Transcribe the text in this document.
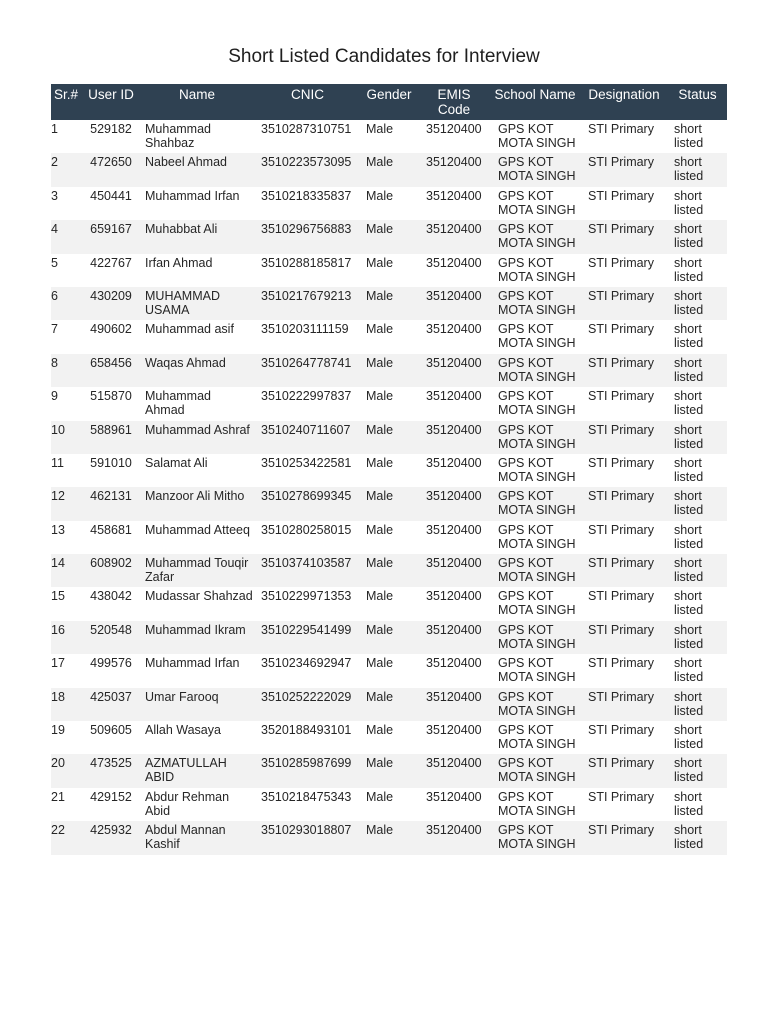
Short Listed Candidates for Interview
Sr.#	User ID	Name	CNIC	Gender	EMIS Code	School Name	Designation	Status
1	529182	Muhammad Shahbaz	3510287310751	Male	35120400	GPS KOT MOTA SINGH	STI Primary	short listed
2	472650	Nabeel Ahmad	3510223573095	Male	35120400	GPS KOT MOTA SINGH	STI Primary	short listed
3	450441	Muhammad Irfan	3510218335837	Male	35120400	GPS KOT MOTA SINGH	STI Primary	short listed
4	659167	Muhabbat Ali	3510296756883	Male	35120400	GPS KOT MOTA SINGH	STI Primary	short listed
5	422767	Irfan Ahmad	3510288185817	Male	35120400	GPS KOT MOTA SINGH	STI Primary	short listed
6	430209	MUHAMMAD USAMA	3510217679213	Male	35120400	GPS KOT MOTA SINGH	STI Primary	short listed
7	490602	Muhammad asif	3510203111159	Male	35120400	GPS KOT MOTA SINGH	STI Primary	short listed
8	658456	Waqas Ahmad	3510264778741	Male	35120400	GPS KOT MOTA SINGH	STI Primary	short listed
9	515870	Muhammad Ahmad	3510222997837	Male	35120400	GPS KOT MOTA SINGH	STI Primary	short listed
10	588961	Muhammad Ashraf	3510240711607	Male	35120400	GPS KOT MOTA SINGH	STI Primary	short listed
11	591010	Salamat Ali	3510253422581	Male	35120400	GPS KOT MOTA SINGH	STI Primary	short listed
12	462131	Manzoor Ali Mitho	3510278699345	Male	35120400	GPS KOT MOTA SINGH	STI Primary	short listed
13	458681	Muhammad Atteeq	3510280258015	Male	35120400	GPS KOT MOTA SINGH	STI Primary	short listed
14	608902	Muhammad Touqir Zafar	3510374103587	Male	35120400	GPS KOT MOTA SINGH	STI Primary	short listed
15	438042	Mudassar Shahzad	3510229971353	Male	35120400	GPS KOT MOTA SINGH	STI Primary	short listed
16	520548	Muhammad Ikram	3510229541499	Male	35120400	GPS KOT MOTA SINGH	STI Primary	short listed
17	499576	Muhammad Irfan	3510234692947	Male	35120400	GPS KOT MOTA SINGH	STI Primary	short listed
18	425037	Umar Farooq	3510252222029	Male	35120400	GPS KOT MOTA SINGH	STI Primary	short listed
19	509605	Allah Wasaya	3520188493101	Male	35120400	GPS KOT MOTA SINGH	STI Primary	short listed
20	473525	AZMATULLAH ABID	3510285987699	Male	35120400	GPS KOT MOTA SINGH	STI Primary	short listed
21	429152	Abdur Rehman Abid	3510218475343	Male	35120400	GPS KOT MOTA SINGH	STI Primary	short listed
22	425932	Abdul Mannan Kashif	3510293018807	Male	35120400	GPS KOT MOTA SINGH	STI Primary	short listed
